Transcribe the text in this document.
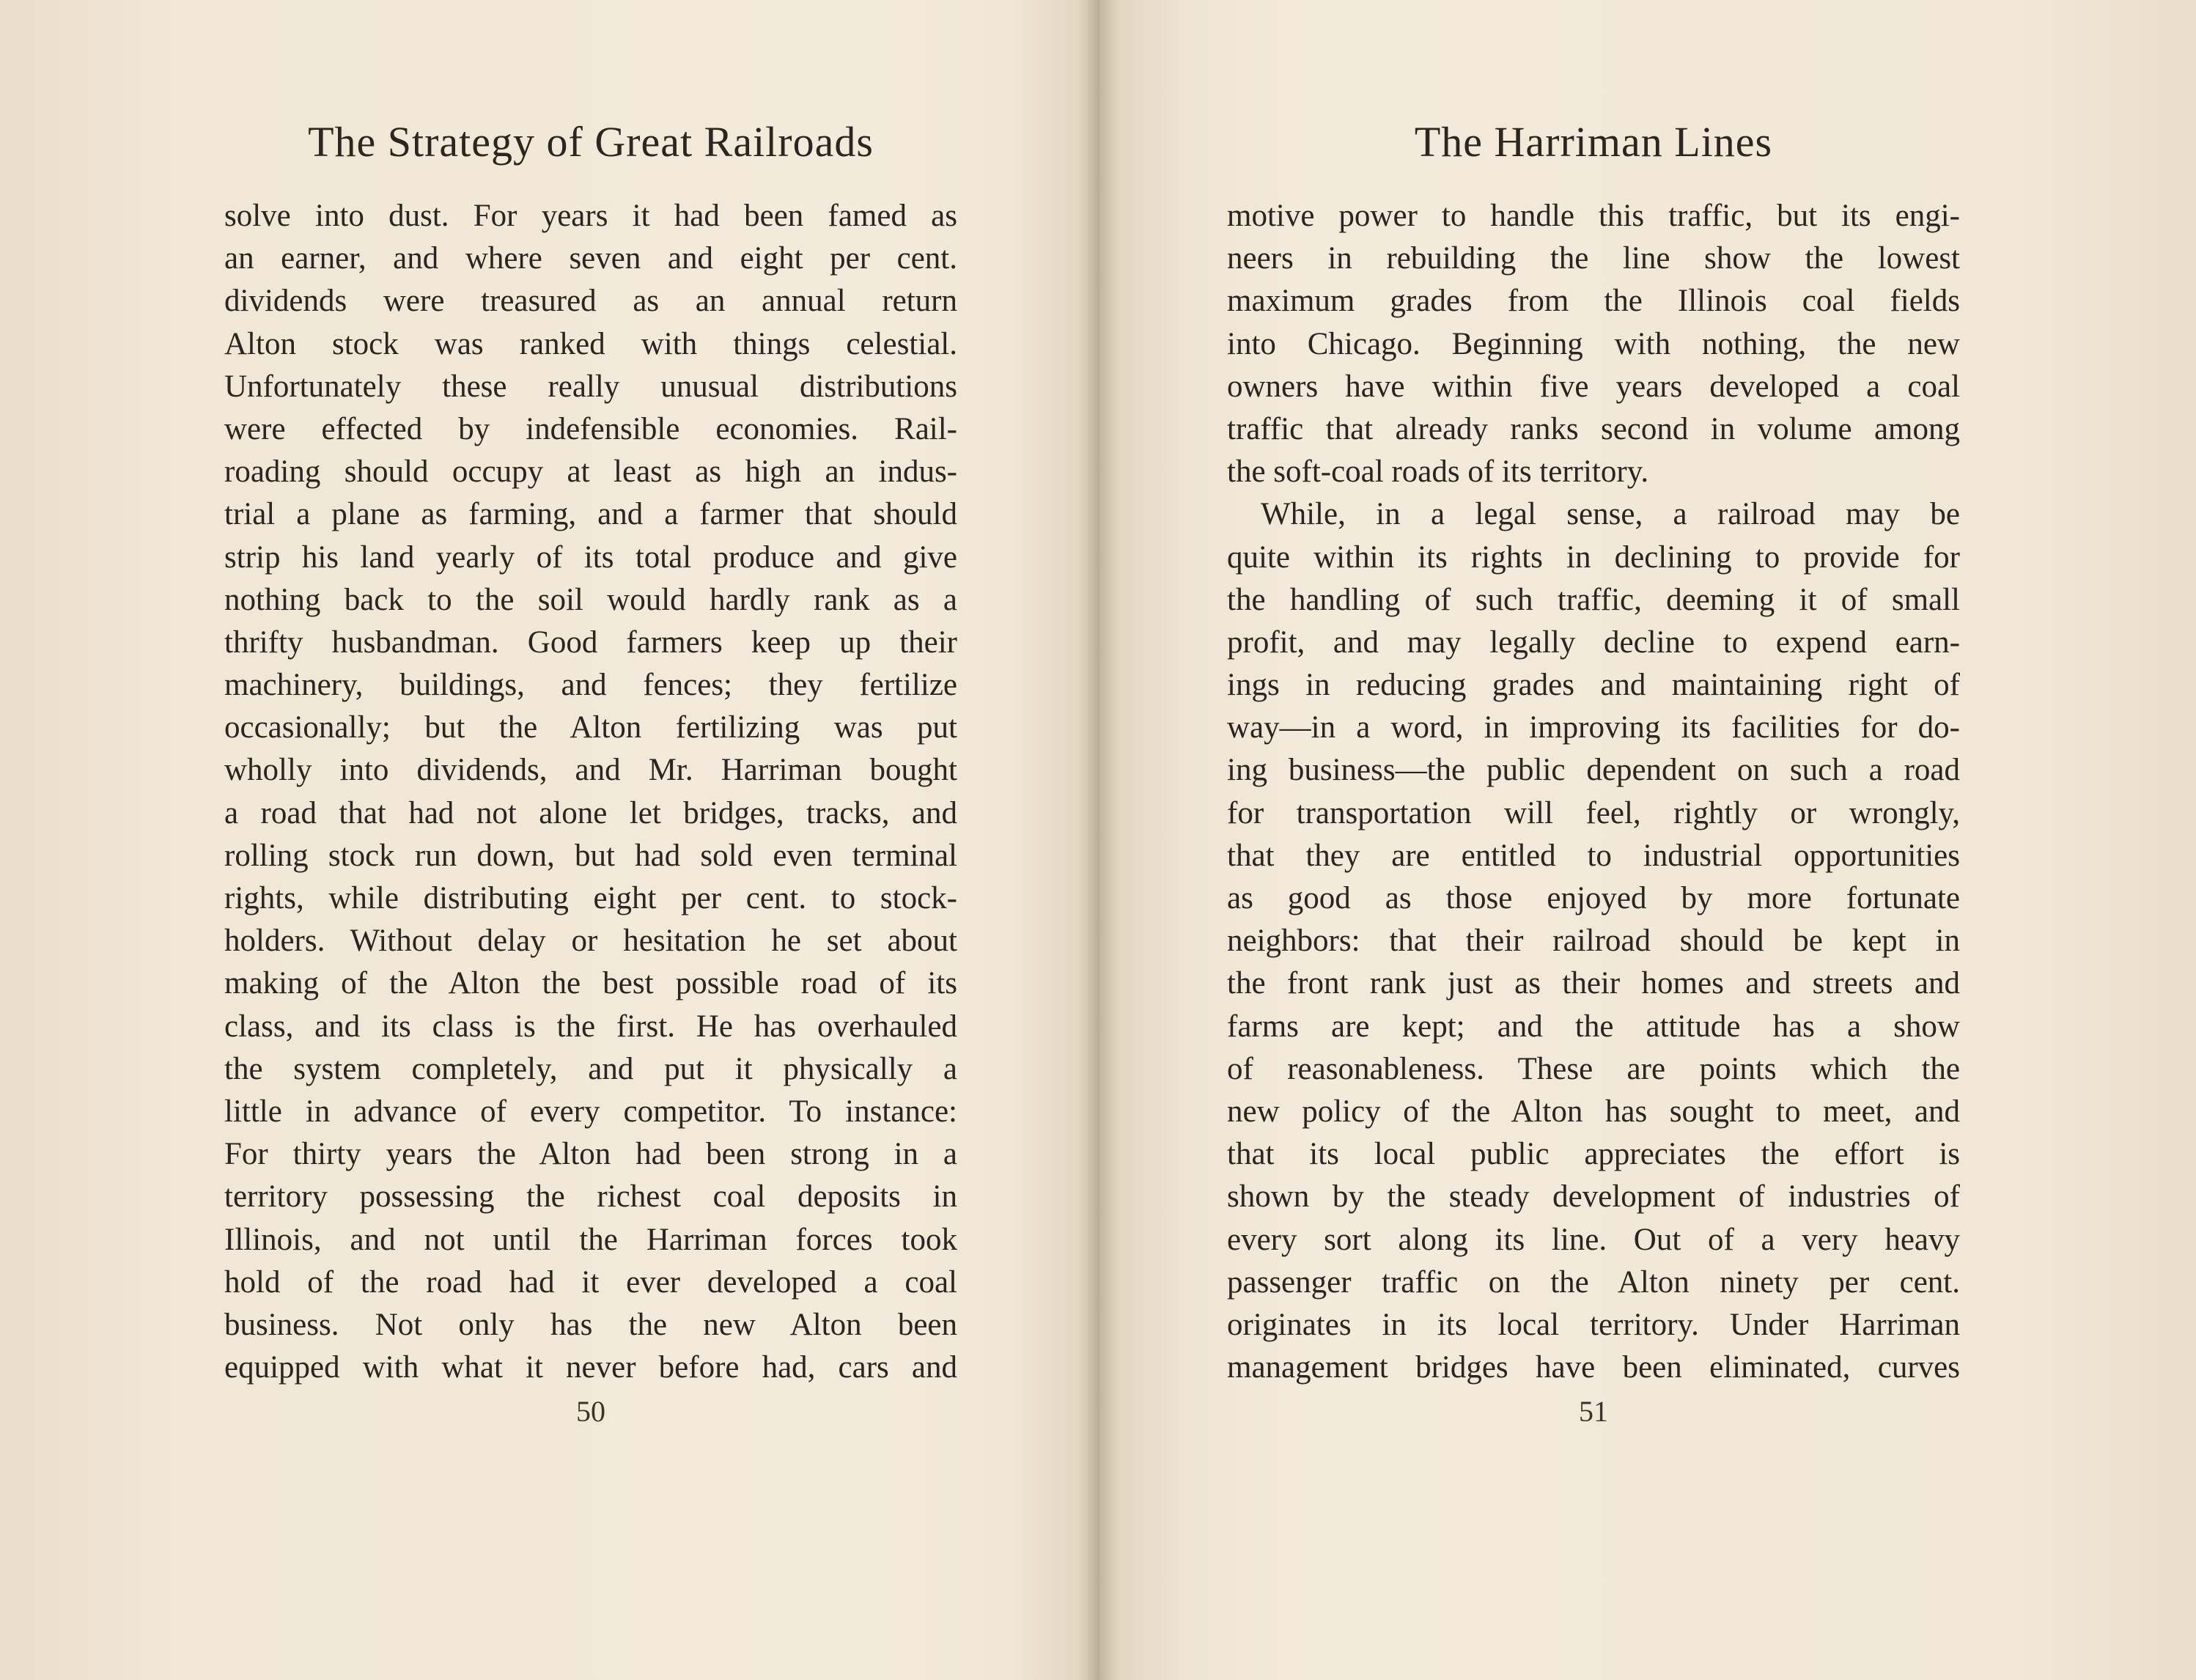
The Strategy of Great Railroads
solve into dust. For years it had been famed as
an earner, and where seven and eight per cent.
dividends were treasured as an annual return
Alton stock was ranked with things celestial.
Unfortunately these really unusual distributions
were effected by indefensible economies. Rail-
roading should occupy at least as high an indus-
trial a plane as farming, and a farmer that should
strip his land yearly of its total produce and give
nothing back to the soil would hardly rank as a
thrifty husbandman. Good farmers keep up their
machinery, buildings, and fences; they fertilize
occasionally; but the Alton fertilizing was put
wholly into dividends, and Mr. Harriman bought
a road that had not alone let bridges, tracks, and
rolling stock run down, but had sold even terminal
rights, while distributing eight per cent. to stock-
holders. Without delay or hesitation he set about
making of the Alton the best possible road of its
class, and its class is the first. He has overhauled
the system completely, and put it physically a
little in advance of every competitor. To instance:
For thirty years the Alton had been strong in a
territory possessing the richest coal deposits in
Illinois, and not until the Harriman forces took
hold of the road had it ever developed a coal
business. Not only has the new Alton been
equipped with what it never before had, cars and
50
The Harriman Lines
motive power to handle this traffic, but its engi-
neers in rebuilding the line show the lowest
maximum grades from the Illinois coal fields
into Chicago. Beginning with nothing, the new
owners have within five years developed a coal
traffic that already ranks second in volume among
the soft-coal roads of its territory.
While, in a legal sense, a railroad may be
quite within its rights in declining to provide for
the handling of such traffic, deeming it of small
profit, and may legally decline to expend earn-
ings in reducing grades and maintaining right of
way—in a word, in improving its facilities for do-
ing business—the public dependent on such a road
for transportation will feel, rightly or wrongly,
that they are entitled to industrial opportunities
as good as those enjoyed by more fortunate
neighbors: that their railroad should be kept in
the front rank just as their homes and streets and
farms are kept; and the attitude has a show
of reasonableness. These are points which the
new policy of the Alton has sought to meet, and
that its local public appreciates the effort is
shown by the steady development of industries of
every sort along its line. Out of a very heavy
passenger traffic on the Alton ninety per cent.
originates in its local territory. Under Harriman
management bridges have been eliminated, curves
51
